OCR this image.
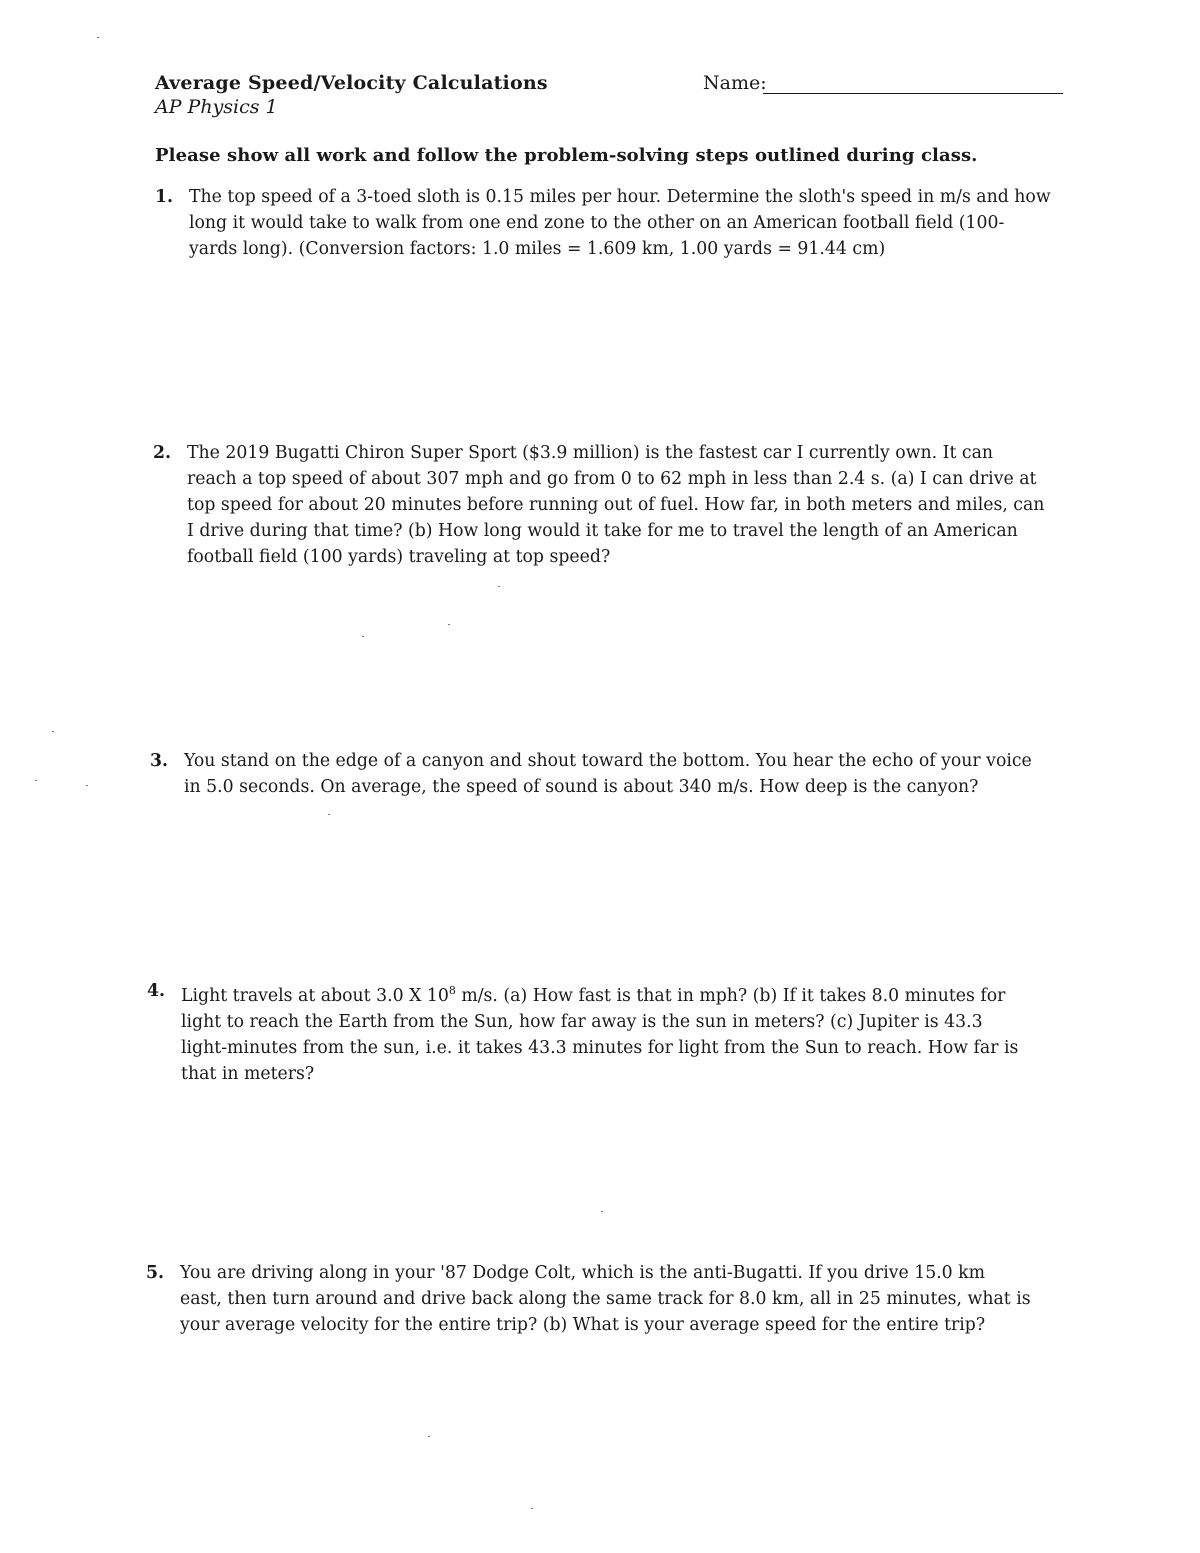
Average Speed/Velocity Calculations
AP Physics 1
Name:
Please show all work and follow the problem-solving steps outlined during class.
1. The top speed of a 3-toed sloth is 0.15 miles per hour. Determine the sloth's speed in m/s and how
long it would take to walk from one end zone to the other on an American football field (100-
yards long). (Conversion factors: 1.0 miles = 1.609 km, 1.00 yards = 91.44 cm)
2. The 2019 Bugatti Chiron Super Sport ($3.9 million) is the fastest car I currently own. It can
reach a top speed of about 307 mph and go from 0 to 62 mph in less than 2.4 s. (a) I can drive at
top speed for about 20 minutes before running out of fuel. How far, in both meters and miles, can
I drive during that time? (b) How long would it take for me to travel the length of an American
football field (100 yards) traveling at top speed?
3. You stand on the edge of a canyon and shout toward the bottom. You hear the echo of your voice
in 5.0 seconds. On average, the speed of sound is about 340 m/s. How deep is the canyon?
4. Light travels at about 3.0 X $10^8$ m/s. (a) How fast is that in mph? (b) If it takes 8.0 minutes for
light to reach the Earth from the Sun, how far away is the sun in meters? (c) Jupiter is 43.3
light-minutes from the sun, i.e. it takes 43.3 minutes for light from the Sun to reach. How far is
that in meters?
5. You are driving along in your '87 Dodge Colt, which is the anti-Bugatti. If you drive 15.0 km
east, then turn around and drive back along the same track for 8.0 km, all in 25 minutes, what is
your average velocity for the entire trip? (b) What is your average speed for the entire trip?
